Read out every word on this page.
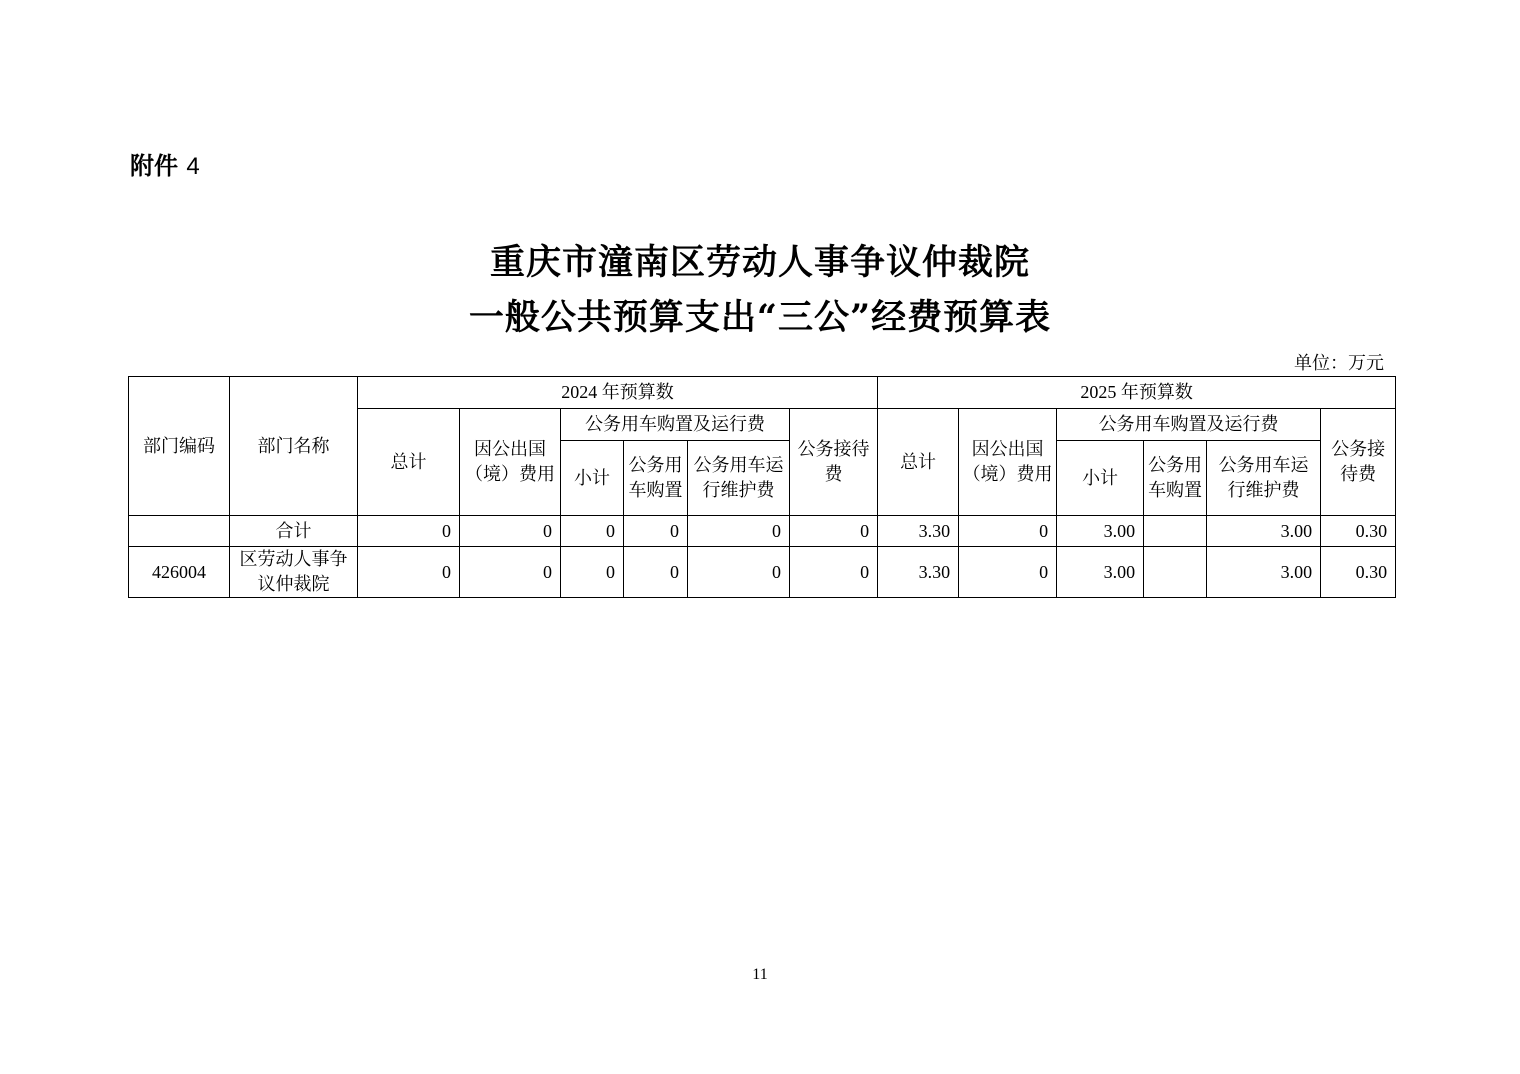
附件 4
重庆市潼南区劳动人事争议仲裁院
一般公共预算支出“三公”经费预算表
单位：万元
部门编码	部门名称	2024 年预算数						2025 年预算数					
		总计	因公出国（境）费用	公务用车购置及运行费			公务接待费	总计	因公出国（境）费用	公务用车购置及运行费			公务接待费
				小计	公务用车购置	公务用车运行维护费				小计	公务用车购置	公务用车运行维护费	
	合计	0	0	0	0	0	0	3.30	0	3.00		3.00	0.30
426004	区劳动人事争议仲裁院	0	0	0	0	0	0	3.30	0	3.00		3.00	0.30
11
